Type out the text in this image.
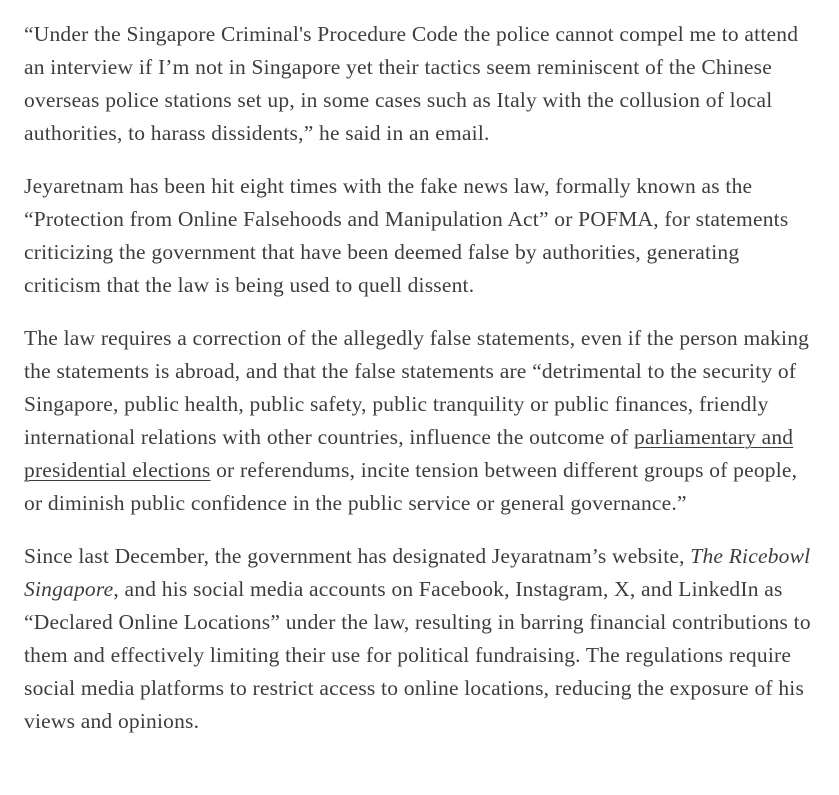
“Under the Singapore Criminal's Procedure Code the police cannot compel me to attend an interview if I’m not in Singapore yet their tactics seem reminiscent of the Chinese overseas police stations set up, in some cases such as Italy with the collusion of local authorities, to harass dissidents,” he said in an email.

Jeyaretnam has been hit eight times with the fake news law, formally known as the “Protection from Online Falsehoods and Manipulation Act” or POFMA, for statements criticizing the government that have been deemed false by authorities, generating criticism that the law is being used to quell dissent.

The law requires a correction of the allegedly false statements, even if the person making the statements is abroad, and that the false statements are “detrimental to the security of Singapore, public health, public safety, public tranquility or public finances, friendly international relations with other countries, influence the outcome of parliamentary and presidential elections or referendums, incite tension between different groups of people, or diminish public confidence in the public service or general governance.”

Since last December, the government has designated Jeyaratnam’s website, The Ricebowl Singapore, and his social media accounts on Facebook, Instagram, X, and LinkedIn as “Declared Online Locations” under the law, resulting in barring financial contributions to them and effectively limiting their use for political fundraising. The regulations require social media platforms to restrict access to online locations, reducing the exposure of his views and opinions.
